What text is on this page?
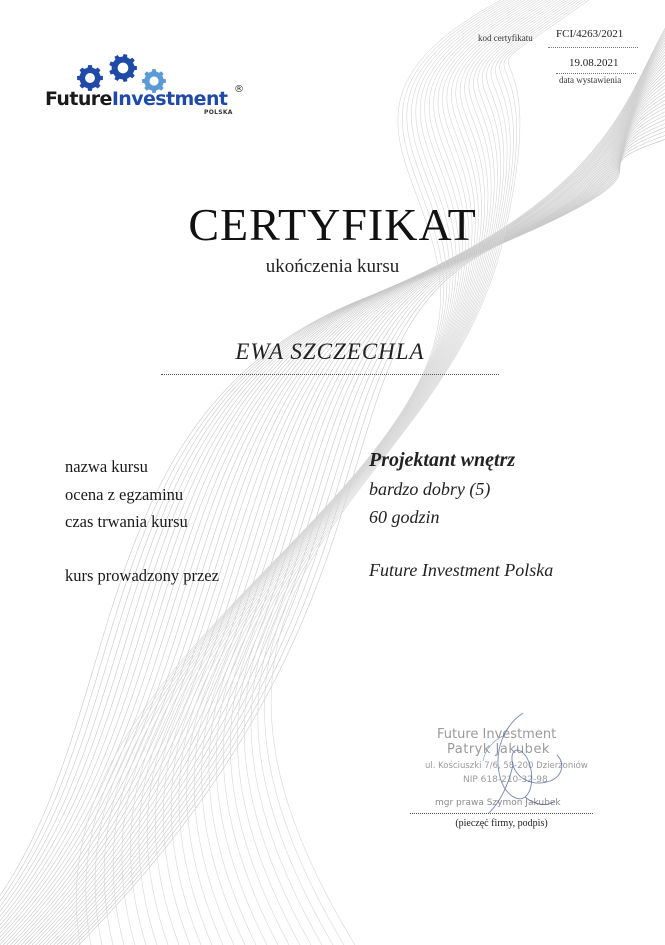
kod certyfikatu FCI/4263/2021
19.08.2021
data wystawienia
FutureInvestment ®
POLSKA
CERTYFIKAT
ukończenia kursu
EWA SZCZECHLA
nazwa kursu	Projektant wnętrz
ocena z egzaminu	bardzo dobry (5)
czas trwania kursu	60 godzin
kurs prowadzony przez	Future Investment Polska
Future Investment
Patryk Jakubek
ul. Kościuszki 7/6, 58-200 Dzierżoniów
NIP 618-210-32-98
mgr prawa Szymon Jakubek
(pieczęć firmy, podpis)
